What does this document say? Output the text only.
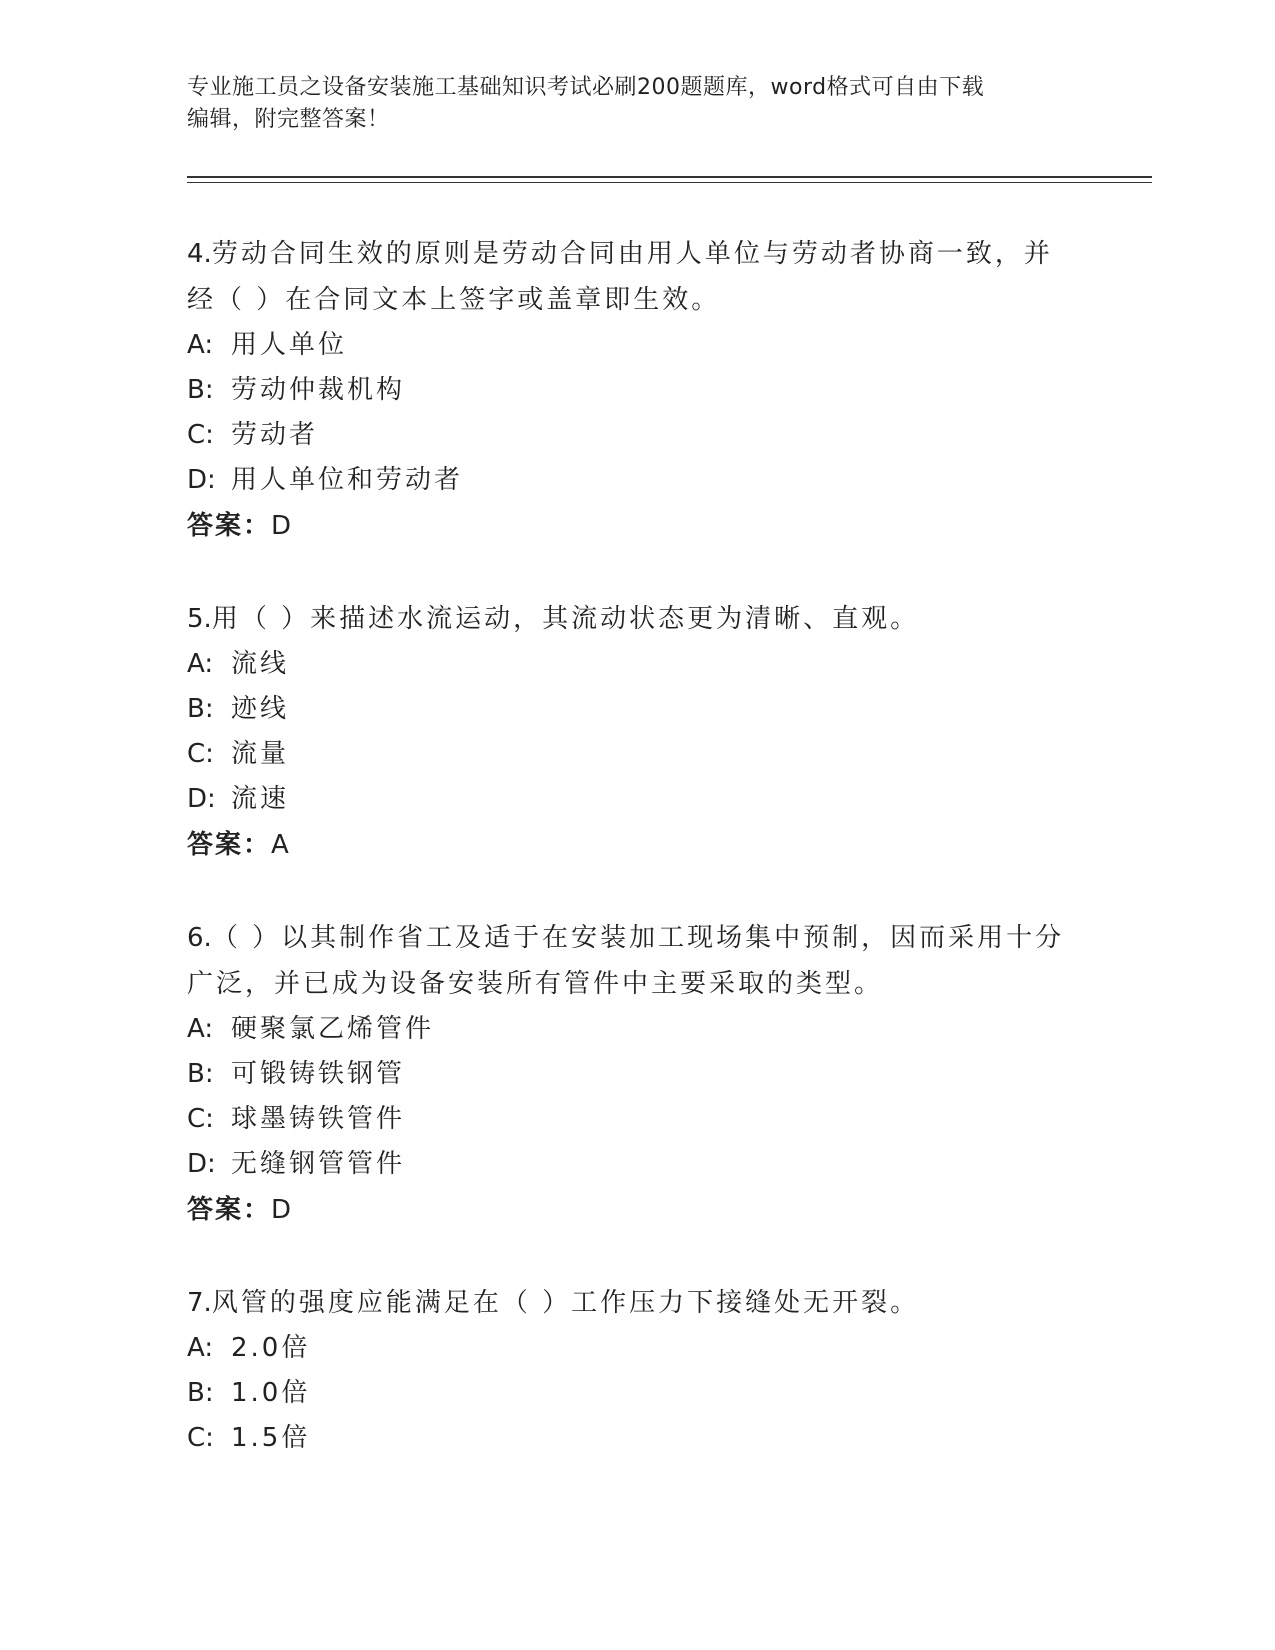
专业施工员之设备安装施工基础知识考试必刷200题题库，word格式可自由下载
编辑，附完整答案！
4.劳动合同生效的原则是劳动合同由用人单位与劳动者协商一致，并
经（ ）在合同文本上签字或盖章即生效。
A: 用人单位
B: 劳动仲裁机构
C: 劳动者
D: 用人单位和劳动者
答案：D
5.用（ ）来描述水流运动，其流动状态更为清晰、直观。
A: 流线
B: 迹线
C: 流量
D: 流速
答案：A
6.（ ）以其制作省工及适于在安装加工现场集中预制，因而采用十分
广泛，并已成为设备安装所有管件中主要采取的类型。
A: 硬聚氯乙烯管件
B: 可锻铸铁钢管
C: 球墨铸铁管件
D: 无缝钢管管件
答案：D
7.风管的强度应能满足在（ ）工作压力下接缝处无开裂。
A: 2.0倍
B: 1.0倍
C: 1.5倍
